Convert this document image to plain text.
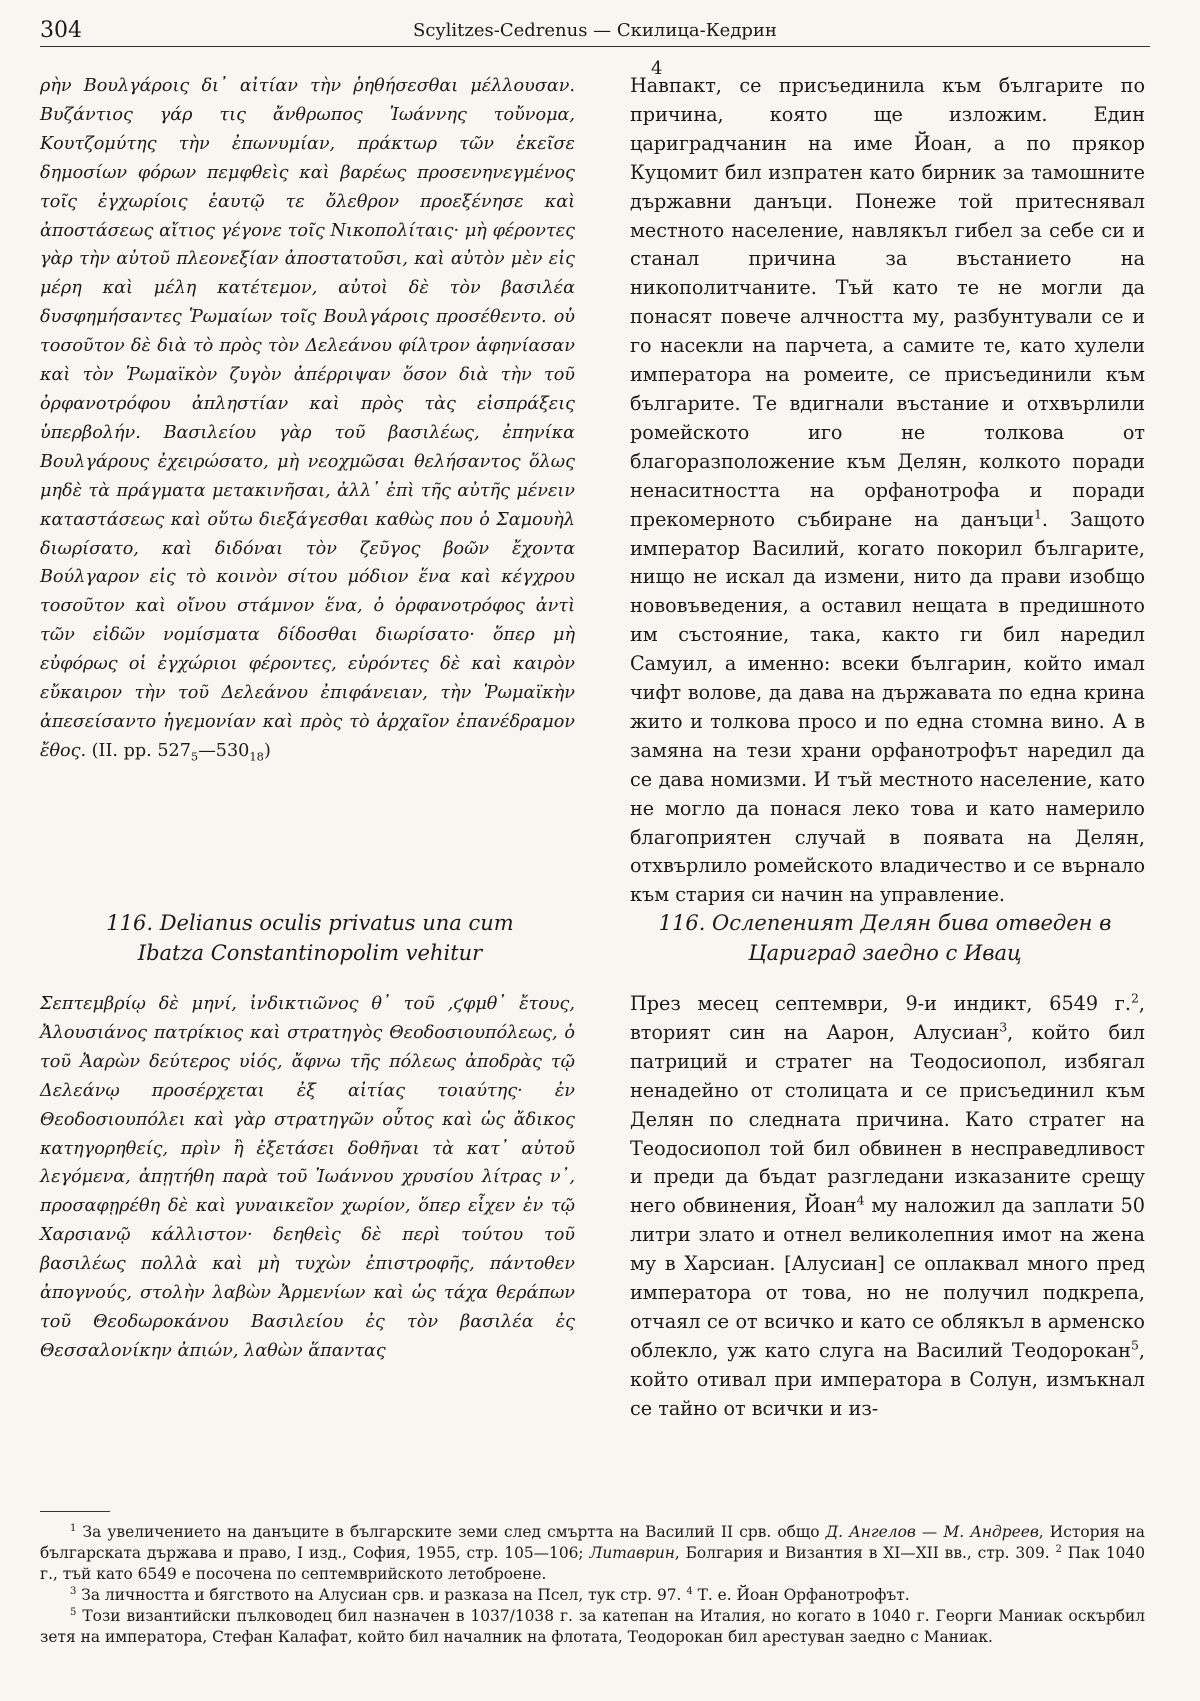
304	Scylitzes-Cedrenus — Скилица-Кедрин
4
ρὴν Βουλγάροις δι᾽ αἰτίαν τὴν ῥηθήσεσθαι μέλλουσαν. Βυζάντιος γάρ τις ἄνθρωπος Ἰωάννης τοὔνομα, Κουτζομύτης τὴν ἐπωνυμίαν, πράκτωρ τῶν ἐκεῖσε δημοσίων φόρων πεμφθεὶς καὶ βαρέως προσενηνεγμένος τοῖς ἐγχωρίοις ἑαυτῷ τε ὄλεθρον προεξένησε καὶ ἀποστάσεως αἴτιος γέγονε τοῖς Νικοπολίταις· μὴ φέροντες γὰρ τὴν αὐτοῦ πλεονεξίαν ἀποστατοῦσι, καὶ αὐτὸν μὲν εἰς μέρη καὶ μέλη κατέτεμον, αὐτοὶ δὲ τὸν βασιλέα δυσφημήσαντες Ῥωμαίων τοῖς Βουλγάροις προσέθεντο. οὐ τοσοῦτον δὲ διὰ τὸ πρὸς τὸν Δελεάνου φίλτρον ἀφηνίασαν καὶ τὸν Ῥωμαϊκὸν ζυγὸν ἀπέρριψαν ὅσον διὰ τὴν τοῦ ὀρφανοτρόφου ἀπληστίαν καὶ πρὸς τὰς εἰσπράξεις ὑπερβολήν. Βασιλείου γὰρ τοῦ βασιλέως, ἐπηνίκα Βουλγάρους ἐχειρώσατο, μὴ νεοχμῶσαι θελήσαντος ὅλως μηδὲ τὰ πράγματα μετακινῆσαι, ἀλλ᾽ ἐπὶ τῆς αὐτῆς μένειν καταστάσεως καὶ οὕτω διεξάγεσθαι καθὼς που ὁ Σαμουὴλ διωρίσατο, καὶ διδόναι τὸν ζεῦγος βοῶν ἔχοντα Βούλγαρον εἰς τὸ κοινὸν σίτου μόδιον ἕνα καὶ κέγχρου τοσοῦτον καὶ οἴνου στάμνον ἕνα, ὁ ὀρφανοτρόφος ἀντὶ τῶν εἰδῶν νομίσματα δίδοσθαι διωρίσατο· ὅπερ μὴ εὐφόρως οἱ ἐγχώριοι φέροντες, εὑρόντες δὲ καὶ καιρὸν εὔκαιρον τὴν τοῦ Δελεάνου ἐπιφάνειαν, τὴν Ῥωμαϊκὴν ἀπεσείσαντο ἡγεμονίαν καὶ πρὸς τὸ ἀρχαῖον ἐπανέδραμον ἔθος. (II. pp. $527_5—530_{18}$)
Навпакт, се присъединила към българите по причина, която ще изложим. Един цариградчанин на име Йоан, а по прякор Куцомит бил изпратен като бирник за тамошните държавни данъци. Понеже той притеснявал местното население, навлякъл гибел за себе си и станал причина за въстанието на никополитчаните. Тъй като те не могли да понасят повече алчността му, разбунтували се и го насекли на парчета, а самите те, като хулели императора на ромеите, се присъединили към българите. Те вдигнали въстание и отхвърлили ромейското иго не толкова от благоразположение към Делян, колкото поради ненаситността на орфанотрофа и поради прекомерното събиране на данъци$^1$. Защото император Василий, когато покорил българите, нищо не искал да измени, нито да прави изобщо нововъведения, а оставил нещата в предишното им състояние, така, както ги бил наредил Самуил, а именно: всеки българин, който имал чифт волове, да дава на държавата по една крина жито и толкова просо и по една стомна вино. А в замяна на тези храни орфанотрофът наредил да се дава номизми. И тъй местното население, като не могло да понася леко това и като намерило благоприятен случай в появата на Делян, отхвърлило ромейското владичество и се върнало към стария си начин на управление.
116. Delianus oculis privatus una cum Ibatza Constantinopolim vehitur
116. Ослепеният Делян бива отведен в Цариград заедно с Ивац
Σεπτεμβρίῳ δὲ μηνί, ἰνδικτιῶνος θ᾽ τοῦ ‚ϛφμθ᾽ ἔτους, Ἀλουσιάνος πατρίκιος καὶ στρατηγὸς Θεοδοσιουπόλεως, ὁ τοῦ Ἀαρὼν δεύτερος υἱός, ἄφνω τῆς πόλεως ἀποδρὰς τῷ Δελεάνῳ προσέρχεται ἐξ αἰτίας τοιαύτης· ἐν Θεοδοσιουπόλει καὶ γὰρ στρατηγῶν οὗτος καὶ ὡς ἄδικος κατηγορηθείς, πρὶν ἢ ἐξετάσει δοθῆναι τὰ κατ᾽ αὐτοῦ λεγόμενα, ἀπῃτήθη παρὰ τοῦ Ἰωάννου χρυσίου λίτρας ν᾽, προσαφῃρέθη δὲ καὶ γυναικεῖον χωρίον, ὅπερ εἶχεν ἐν τῷ Χαρσιανῷ κάλλιστον· δεηθεὶς δὲ περὶ τούτου τοῦ βασιλέως πολλὰ καὶ μὴ τυχὼν ἐπιστροφῆς, πάντοθεν ἀπογνούς, στολὴν λαβὼν Ἀρμενίων καὶ ὡς τάχα θεράπων τοῦ Θεοδωροκάνου Βασιλείου ἐς τὸν βασιλέα ἐς Θεσσαλονίκην ἀπιών, λαθὼν ἅπαντας
През месец септември, 9-и индикт, 6549 г.$^2$, вторият син на Аарон, Алусиан$^3$, който бил патриций и стратег на Теодосиопол, избягал ненадейно от столицата и се присъединил към Делян по следната причина. Като стратег на Теодосиопол той бил обвинен в несправедливост и преди да бъдат разгледани изказаните срещу него обвинения, Йоан$^4$ му наложил да заплати 50 литри злато и отнел великолепния имот на жена му в Харсиан. [Алусиан] се оплаквал много пред императора от това, но не получил подкрепа, отчаял се от всичко и като се облякъл в арменско облекло, уж като слуга на Василий Теодорокан$^5$, който отивал при императора в Солун, измъкнал се тайно от всички и из-

$^1$ За увеличението на данъците в българските земи след смъртта на Василий II срв. общо Д. Ангелов — М. Андреев, История на българската държава и право, I изд., София, 1955, стр. 105—106; Литаврин, Болгария и Византия в XI—XII вв., стр. 309. $^2$ Пак 1040 г., тъй като 6549 е посочена по септемврийското летоброене.

$^3$ За личността и бягството на Алусиан срв. и разказа на Псел, тук стр. 97. $^4$ Т. е. Йоан Орфанотрофът.

$^5$ Този византийски пълководец бил назначен в 1037/1038 г. за катепан на Италия, но когато в 1040 г. Георги Маниак оскърбил зетя на императора, Стефан Калафат, който бил началник на флотата, Теодорокан бил арестуван заедно с Маниак.
